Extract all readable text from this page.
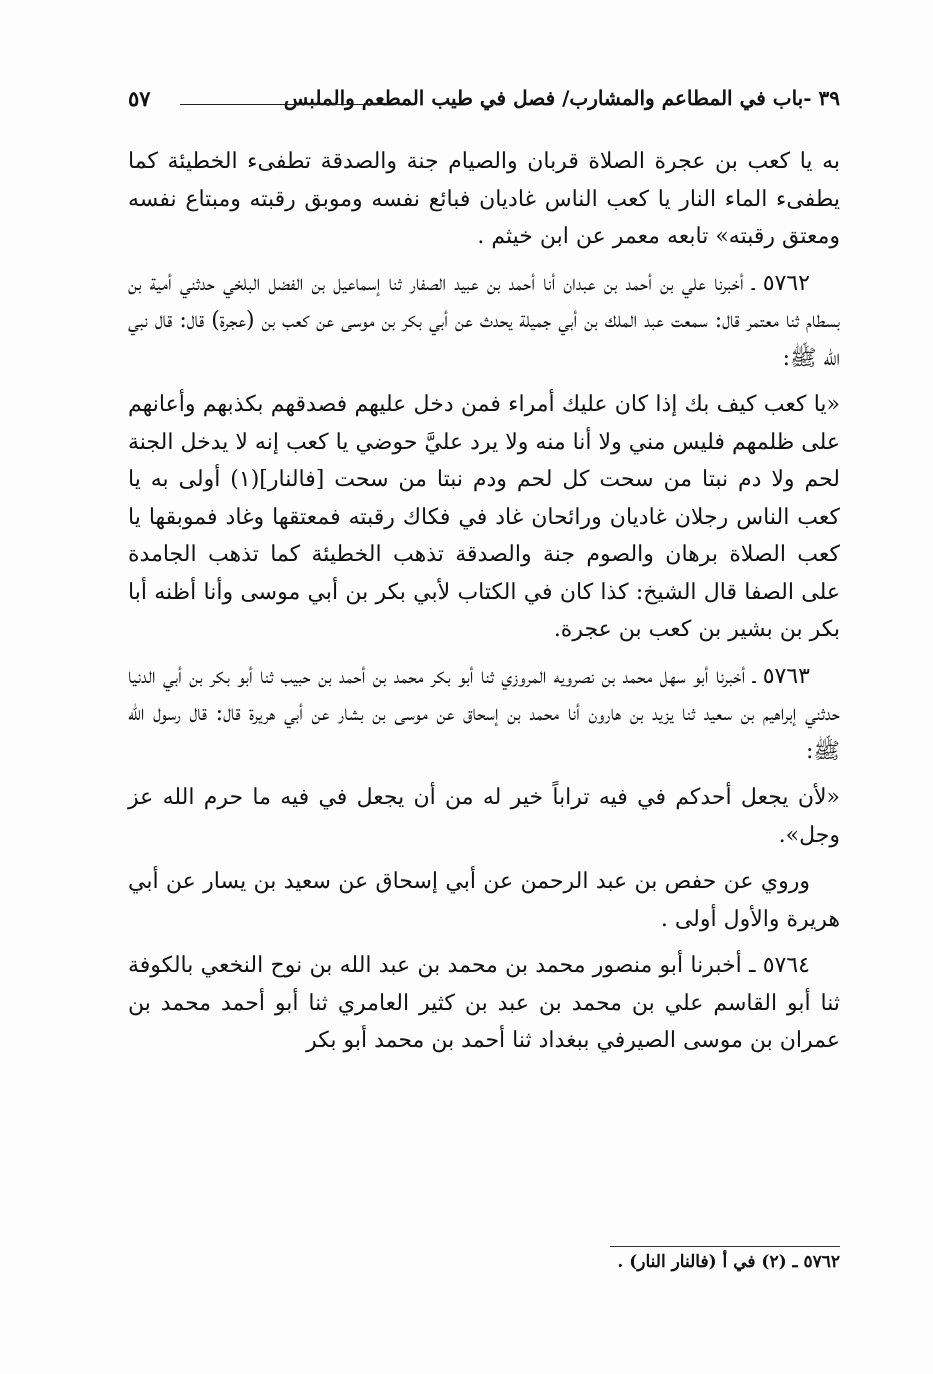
٣٩ -باب في المطاعم والمشارب/ فصل في طيب المطعم والملبس
٥٧

به يا كعب بن عجرة الصلاة قربان والصيام جنة والصدقة تطفىء الخطيئة كما يطفىء الماء النار يا كعب الناس غاديان فبائع نفسه وموبق رقبته ومبتاع نفسه ومعتق رقبته» تابعه معمر عن ابن خيثم .

٥٧٦٢ ـ أخبرنا علي بن أحمد بن عبدان أنا أحمد بن عبيد الصفار ثنا إسماعيل بن الفضل البلخي حدثني أمية بن بسطام ثنا معتمر قال: سمعت عبد الملك بن أبي جميلة يحدث عن أبي بكر بن موسى عن كعب بن (عجرة) قال: قال نبي الله ﷺ:

«يا كعب كيف بك إذا كان عليك أمراء فمن دخل عليهم فصدقهم بكذبهم وأعانهم على ظلمهم فليس مني ولا أنا منه ولا يرد عليَّ حوضي يا كعب إنه لا يدخل الجنة لحم ولا دم نبتا من سحت كل لحم ودم نبتا من سحت [فالنار](١) أولى به يا كعب الناس رجلان غاديان ورائحان غاد في فكاك رقبته فمعتقها وغاد فموبقها يا كعب الصلاة برهان والصوم جنة والصدقة تذهب الخطيئة كما تذهب الجامدة على الصفا قال الشيخ: كذا كان في الكتاب لأبي بكر بن أبي موسى وأنا أظنه أبا بكر بن بشير بن كعب بن عجرة.

٥٧٦٣ ـ أخبرنا أبو سهل محمد بن نصرويه المروزي ثنا أبو بكر محمد بن أحمد بن حبيب ثنا أبو بكر بن أبي الدنيا حدثني إبراهيم بن سعيد ثنا يزيد بن هارون أنا محمد بن إسحاق عن موسى بن بشار عن أبي هريرة قال: قال رسول الله ﷺ:

«لأن يجعل أحدكم في فيه تراباً خير له من أن يجعل في فيه ما حرم الله عز وجل».

وروي عن حفص بن عبد الرحمن عن أبي إسحاق عن سعيد بن يسار عن أبي هريرة والأول أولى .

٥٧٦٤ ـ أخبرنا أبو منصور محمد بن محمد بن عبد الله بن نوح النخعي بالكوفة ثنا أبو القاسم علي بن محمد بن عبد بن كثير العامري ثنا أبو أحمد محمد بن عمران بن موسى الصيرفي ببغداد ثنا أحمد بن محمد أبو بكر

٥٧٦٢ ـ (٢) في أ (فالنار النار) .
